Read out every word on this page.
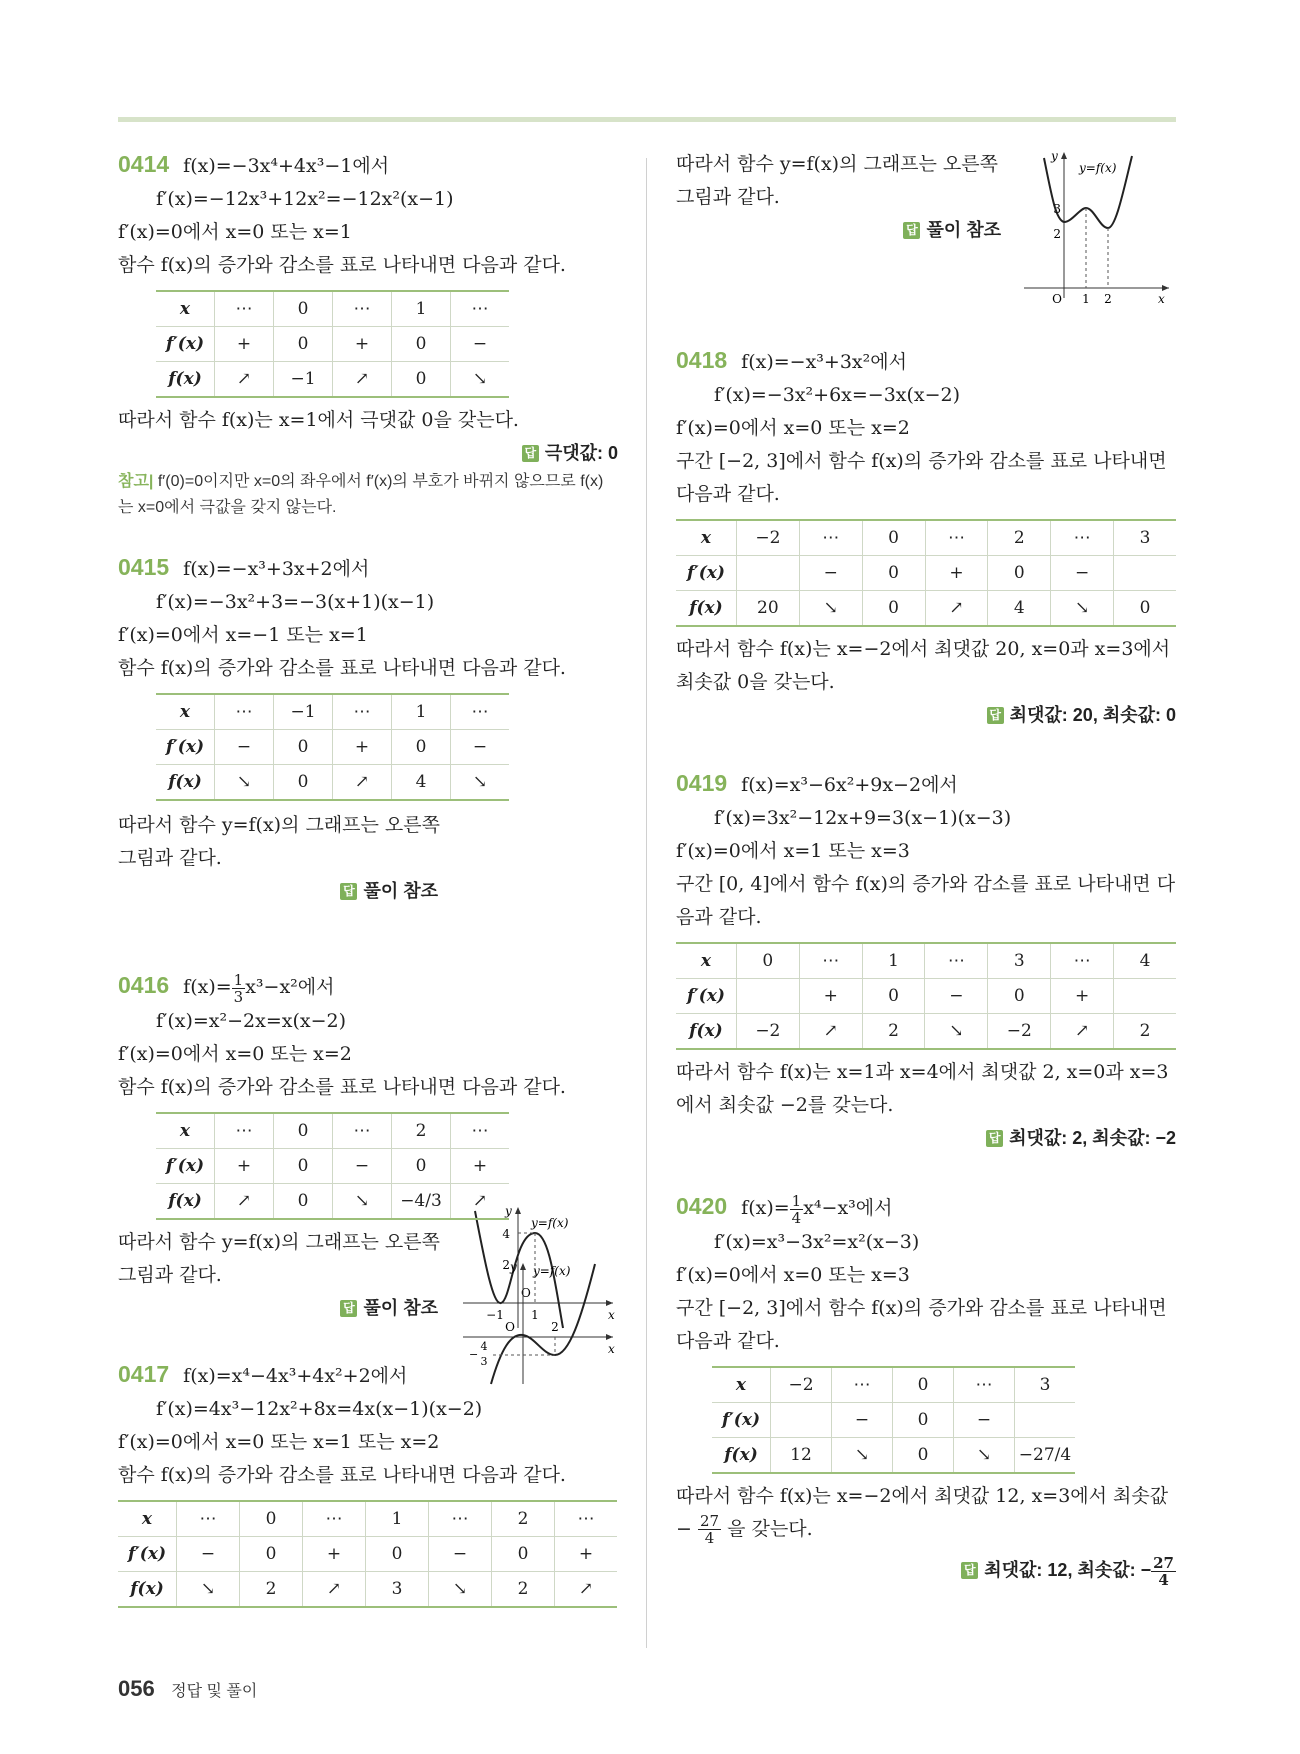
0414 f(x)=−3x⁴+4x³−1에서
f′(x)=−12x³+12x²=−12x²(x−1)
f′(x)=0에서 x=0 또는 x=1
함수 f(x)의 증가와 감소를 표로 나타내면 다음과 같다.
x	⋯	0	⋯	1	⋯
f′(x)	+	0	+	0	−
f(x)	↗	−1	↗	0	↘
따라서 함수 f(x)는 x=1에서 극댓값 0을 갖는다.
답 극댓값: 0
참고| f′(0)=0이지만 x=0의 좌우에서 f′(x)의 부호가 바뀌지 않으므로 f(x)는 x=0에서 극값을 갖지 않는다.
0415 f(x)=−x³+3x+2에서
f′(x)=−3x²+3=−3(x+1)(x−1)
f′(x)=0에서 x=−1 또는 x=1
함수 f(x)의 증가와 감소를 표로 나타내면 다음과 같다.
x	⋯	−1	⋯	1	⋯
f′(x)	−	0	+	0	−
f(x)	↘	0	↗	4	↘
따라서 함수 y=f(x)의 그래프는 오른쪽
그림과 같다.
답 풀이 참조
4
2
O
−1 1	x
y
y=f(x)
0416 $f(x)= \frac{1}{3} x^3-x^2$에서
f′(x)=x²−2x=x(x−2)
f′(x)=0에서 x=0 또는 x=2
함수 f(x)의 증가와 감소를 표로 나타내면 다음과 같다.
x	⋯	0	⋯	2	⋯
f′(x)	+	0	−	0	+
f(x)	↗	0	↘	−4/3	↗
따라서 함수 y=f(x)의 그래프는 오른쪽
그림과 같다.
답 풀이 참조
O	2
4
3
−	x
y y=f(x)
0417 f(x)=x⁴−4x³+4x²+2에서
f′(x)=4x³−12x²+8x=4x(x−1)(x−2)
f′(x)=0에서 x=0 또는 x=1 또는 x=2
함수 f(x)의 증가와 감소를 표로 나타내면 다음과 같다.
x	⋯	0	⋯	1	⋯	2	⋯
f′(x)	−	0	+	0	−	0	+
f(x)	↘	2	↗	3	↘	2	↗
따라서 함수 y=f(x)의 그래프는 오른쪽
그림과 같다.
답 풀이 참조
3
2
O 1 2	x
y
y=f(x)
0418 f(x)=−x³+3x²에서
f′(x)=−3x²+6x=−3x(x−2)
f′(x)=0에서 x=0 또는 x=2
구간 [−2, 3]에서 함수 f(x)의 증가와 감소를 표로 나타내면
다음과 같다.
x	−2	⋯	0	⋯	2	⋯	3
f′(x)		−	0	+	0	−	
f(x)	20	↘	0	↗	4	↘	0
따라서 함수 f(x)는 x=−2에서 최댓값 20, x=0과 x=3에서
최솟값 0을 갖는다.
답 최댓값: 20, 최솟값: 0
0419 f(x)=x³−6x²+9x−2에서
f′(x)=3x²−12x+9=3(x−1)(x−3)
f′(x)=0에서 x=1 또는 x=3
구간 [0, 4]에서 함수 f(x)의 증가와 감소를 표로 나타내면 다
음과 같다.
x	0	⋯	1	⋯	3	⋯	4
f′(x)		+	0	−	0	+	
f(x)	−2	↗	2	↘	−2	↗	2
따라서 함수 f(x)는 x=1과 x=4에서 최댓값 2, x=0과 x=3
에서 최솟값 −2를 갖는다.
답 최댓값: 2, 최솟값: −2
0420 $f(x)= \frac{1}{4} x^4-x^3$에서
f′(x)=x³−3x²=x²(x−3)
f′(x)=0에서 x=0 또는 x=3
구간 [−2, 3]에서 함수 f(x)의 증가와 감소를 표로 나타내면
다음과 같다.
x	−2	⋯	0	⋯	3
f′(x)		−	0	−	
f(x)	12	↘	0	↘	−27/4
따라서 함수 f(x)는 x=−2에서 최댓값 12, x=3에서 최솟값
− $\frac{27}{4}$ 을 갖는다.
답 최댓값: 12, 최솟값: − $\frac{27}{4}$
056 정답 및 풀이
